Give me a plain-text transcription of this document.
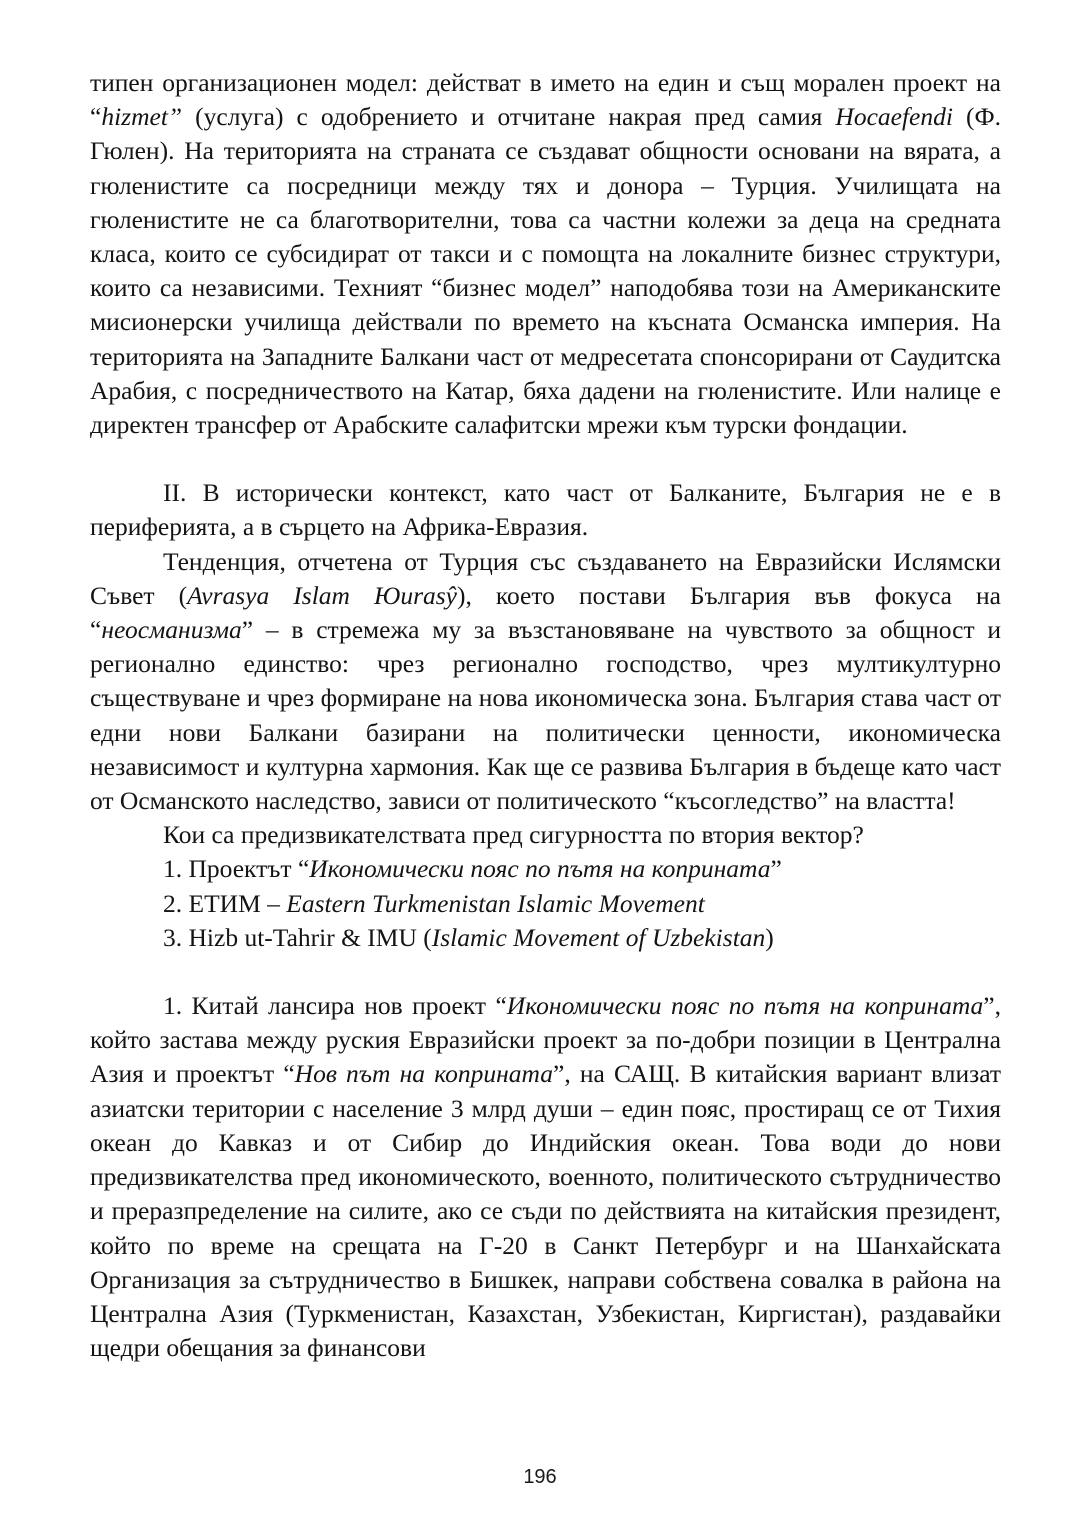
типен организационен модел: действат в името на един и същ морален проект на “hizmet” (услуга) с одобрението и отчитане накрая пред самия Hocaefendi (Ф. Гюлен). На територията на страната се създават общности основани на вярата, а гюленистите са посредници между тях и донора – Турция. Училищата на гюленистите не са благотворителни, това са частни колежи за деца на средната класа, които се субсидират от такси и с помощта на локалните бизнес структури, които са независими. Техният “бизнес модел” наподобява този на Американските мисионерски училища действали по времето на късната Османска империя. На територията на Западните Балкани част от медресетата спонсорирани от Саудитска Арабия, с посредничеството на Катар, бяха дадени на гюленистите. Или налице е директен трансфер от Арабските салафитски мрежи към турски фондации.

II. В исторически контекст, като част от Балканите, България не е в периферията, а в сърцето на Африка-Евразия.

Тенденция, отчетена от Турция със създаването на Евразийски Ислямски Съвет (Avrasya Islam Юurasŷ), което постави България във фокуса на “неосманизма” – в стремежа му за възстановяване на чувството за общност и регионално единство: чрез регионално господство, чрез мултикултурно съществуване и чрез формиране на нова икономическа зона. България става част от едни нови Балкани базирани на политически ценности, икономическа независимост и културна хармония. Как ще се развива България в бъдеще като част от Османското наследство, зависи от политическото “късогледство” на властта!

Кои са предизвикателствата пред сигурността по втория вектор?

1. Проектът “Икономически пояс по пътя на коприната”

2. ЕТИМ – Eastern Turkmenistan Islamic Movement

3. Hizb ut-Tahrir & IMU (Islamic Movement of Uzbekistan)

1. Китай лансира нов проект “Икономически пояс по пътя на коприната”, който застава между руския Евразийски проект за по-добри позиции в Централна Азия и проектът “Нов път на коприната”, на САЩ. В китайския вариант влизат азиатски територии с население 3 млрд души – един пояс, простиращ се от Тихия океан до Кавказ и от Сибир до Индийския океан. Това води до нови предизвикателства пред икономическото, военното, политическото сътрудничество и преразпределение на силите, ако се съди по действията на китайския президент, който по време на срещата на Г-20 в Санкт Петербург и на Шанхайската Организация за сътрудничество в Бишкек, направи собствена совалка в района на Централна Азия (Туркменистан, Казахстан, Узбекистан, Киргистан), раздавайки щедри обещания за финансови

196
